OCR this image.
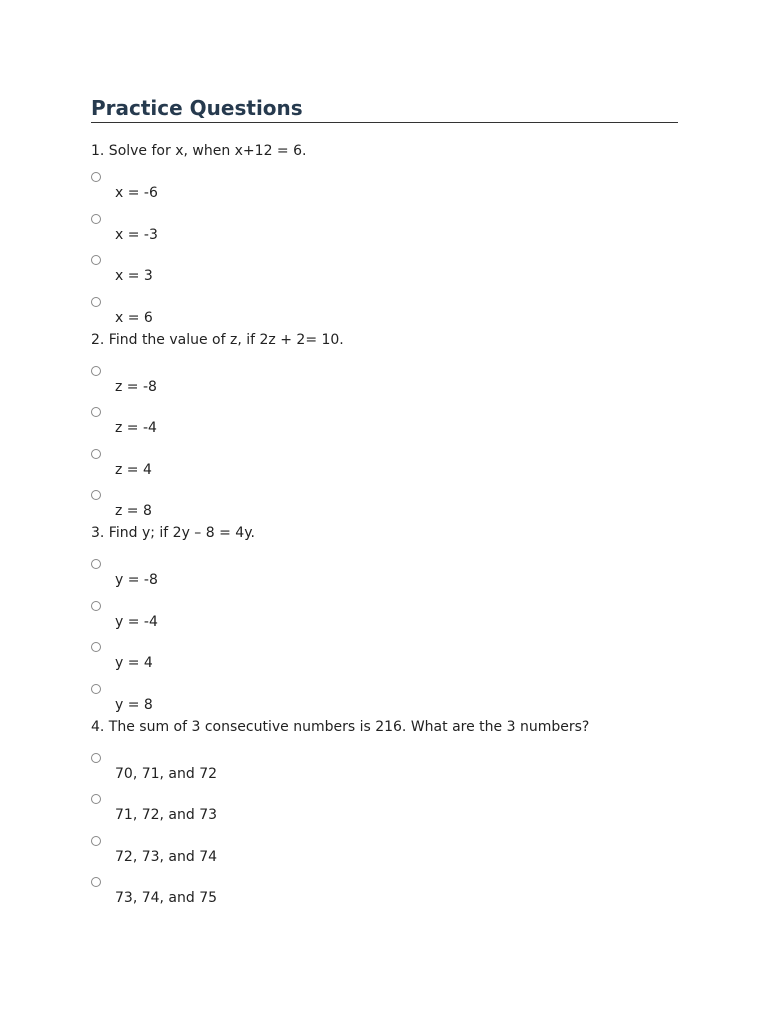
Practice Questions

1. Solve for x, when x+12 = 6.

x = -6
x = -3
x = 3
x = 6

2. Find the value of z, if 2z + 2= 10.

z = -8
z = -4
z = 4
z = 8

3. Find y; if 2y – 8 = 4y.

y = -8
y = -4
y = 4
y = 8

4. The sum of 3 consecutive numbers is 216. What are the 3 numbers?

70, 71, and 72
71, 72, and 73
72, 73, and 74
73, 74, and 75
